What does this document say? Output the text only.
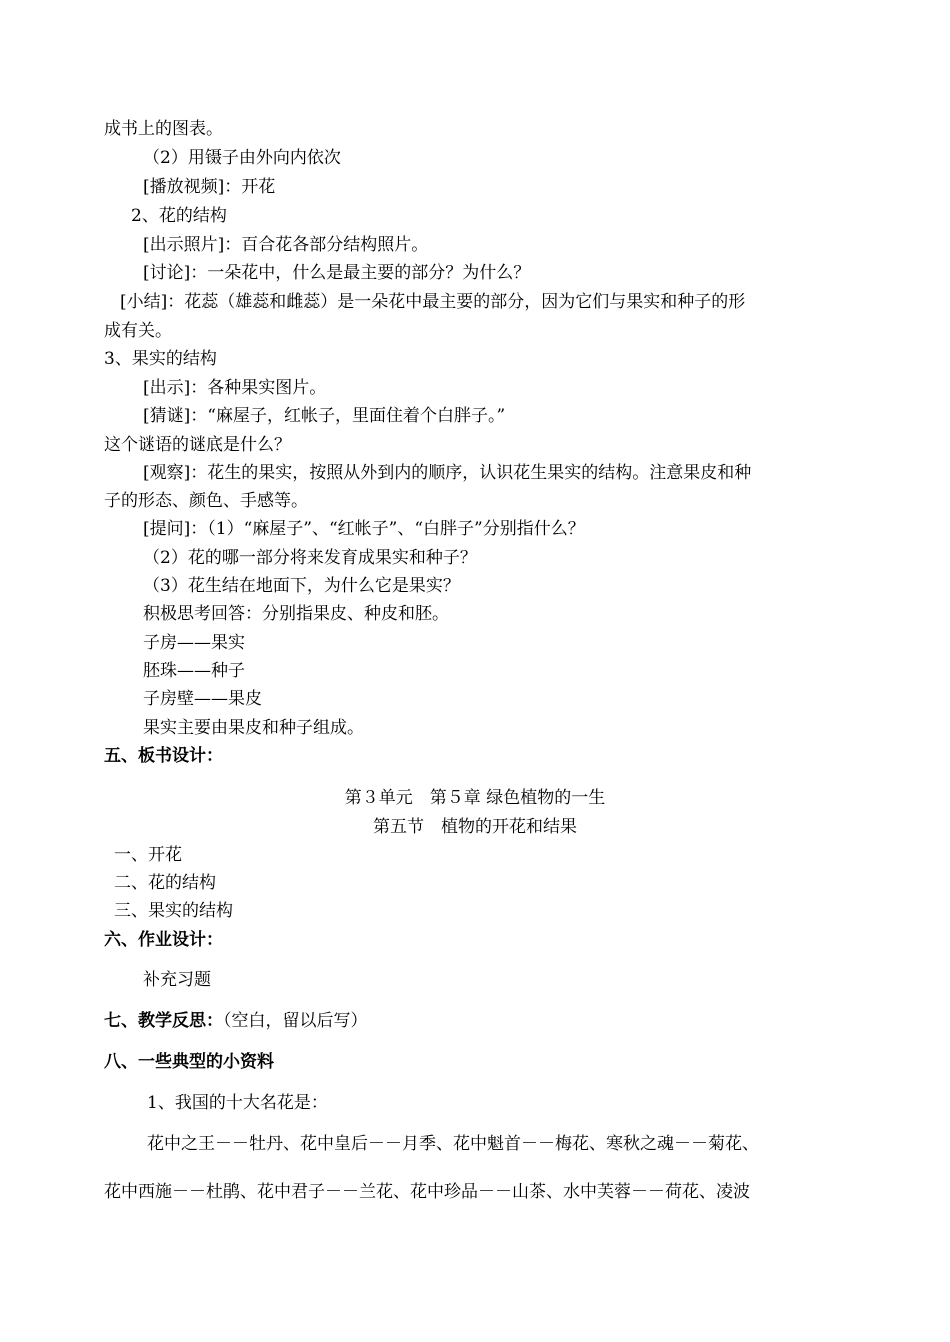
成书上的图表。
（2）用镊子由外向内依次
[播放视频]：开花
2、花的结构
[出示照片]：百合花各部分结构照片。
[讨论]：一朵花中，什么是最主要的部分？为什么？
[小结]：花蕊（雄蕊和雌蕊）是一朵花中最主要的部分，因为它们与果实和种子的形
成有关。
3、果实的结构
[出示]：各种果实图片。
[猜谜]：“麻屋子，红帐子，里面住着个白胖子。”
这个谜语的谜底是什么？
[观察]：花生的果实，按照从外到内的顺序，认识花生果实的结构。注意果皮和种
子的形态、颜色、手感等。
[提问]：（1）“麻屋子”、“红帐子”、“白胖子”分别指什么？
（2）花的哪一部分将来发育成果实和种子？
（3）花生结在地面下，为什么它是果实？
积极思考回答：分别指果皮、种皮和胚。
子房——果实
胚珠——种子
子房壁——果皮
果实主要由果皮和种子组成。
五、板书设计：
第３单元　第５章 绿色植物的一生
第五节　植物的开花和结果
一、开花
二、花的结构
三、果实的结构
六、作业设计：
补充习题
七、教学反思：（空白，留以后写）
八、一些典型的小资料
1、我国的十大名花是：
花中之王－－牡丹、花中皇后－－月季、花中魁首－－梅花、寒秋之魂－－菊花、
花中西施－－杜鹃、花中君子－－兰花、花中珍品－－山茶、水中芙蓉－－荷花、凌波
